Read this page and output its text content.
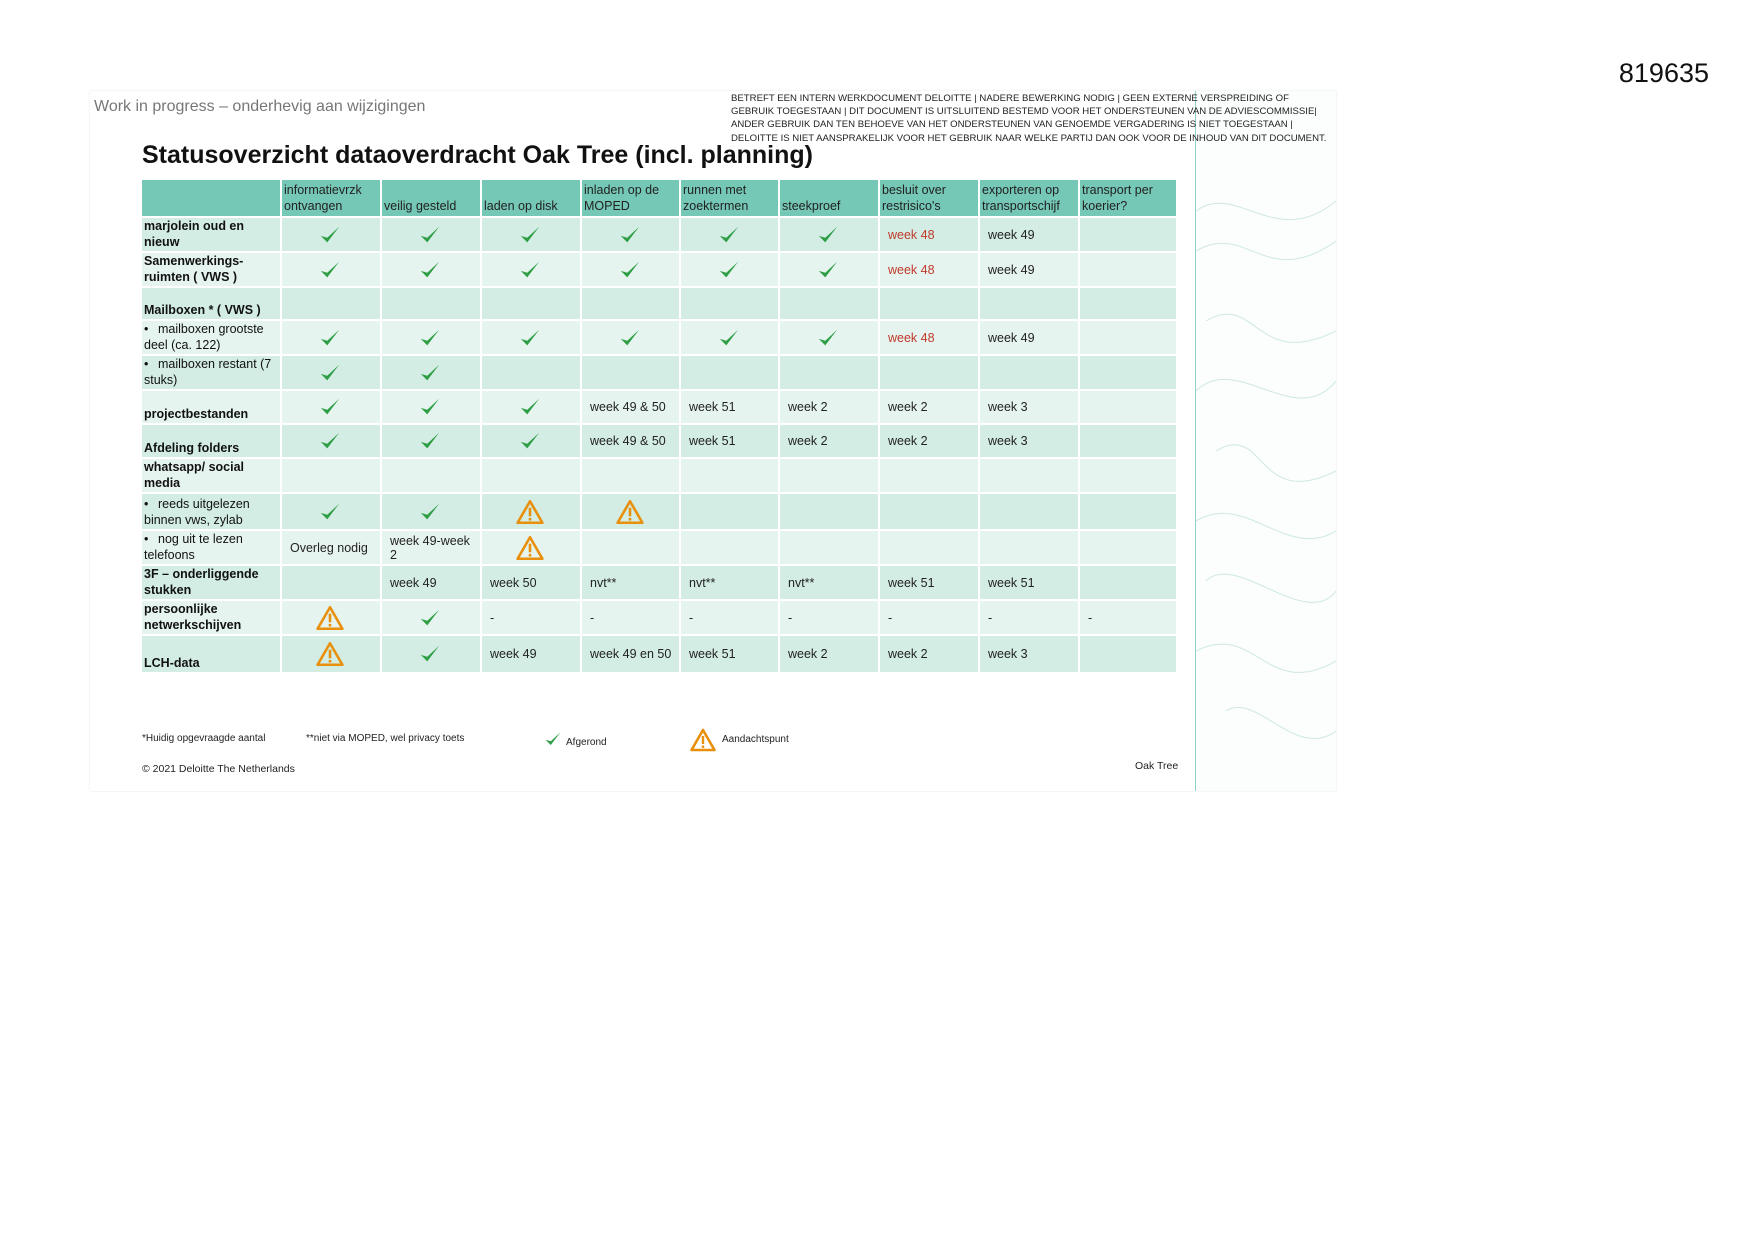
819635
Work in progress – onderhevig aan wijzigingen	BETREFT EEN INTERN WERKDOCUMENT DELOITTE | NADERE BEWERKING NODIG | GEEN EXTERNE VERSPREIDING OF GEBRUIK TOEGESTAAN | DIT DOCUMENT IS UITSLUITEND BESTEMD VOOR HET ONDERSTEUNEN VAN DE ADVIESCOMMISSIE| ANDER GEBRUIK DAN TEN BEHOEVE VAN HET ONDERSTEUNEN VAN GENOEMDE VERGADERING IS NIET TOEGESTAAN | DELOITTE IS NIET AANSPRAKELIJK VOOR HET GEBRUIK NAAR WELKE PARTIJ DAN OOK VOOR DE INHOUD VAN DIT DOCUMENT.
Statusoverzicht dataoverdracht Oak Tree (incl. planning)
	informatievrzk ontvangen	veilig gesteld	laden op disk	inladen op de MOPED	runnen met zoektermen	steekproef	besluit over restrisico's	exporteren op transportschijf	transport per koerier?
marjolein oud en nieuw							week 48	week 49	
Samenwerkings-ruimten ( VWS )							week 48	week 49	
Mailboxen * ( VWS )									
• mailboxen grootste deel (ca. 122)							week 48	week 49	
• mailboxen restant (7 stuks)	

projectbestanden				week 49 & 50	week 51	week 2	week 2	week 3	
Afdeling folders				week 49 & 50	week 51	week 2	week 2	week 3	
whatsapp/ social media									
• reeds uitgelezen binnen vws, zylab	

• nog uit te lezen telefoons	Overleg nodig	week 49-week 2	

3F – onderliggende stukken		week 49	week 50	nvt**	nvt**	nvt**	week 51	week 51	
persoonlijke netwerkschijven			-	-	-	-	-	-	-
LCH-data			week 49	week 49 en 50	week 51	week 2	week 2	week 3	
*Huidig opgevraagde aantal	**niet via MOPED, wel privacy toets	Afgerond	Aandachtspunt
© 2021 Deloitte The Netherlands	Oak Tree
